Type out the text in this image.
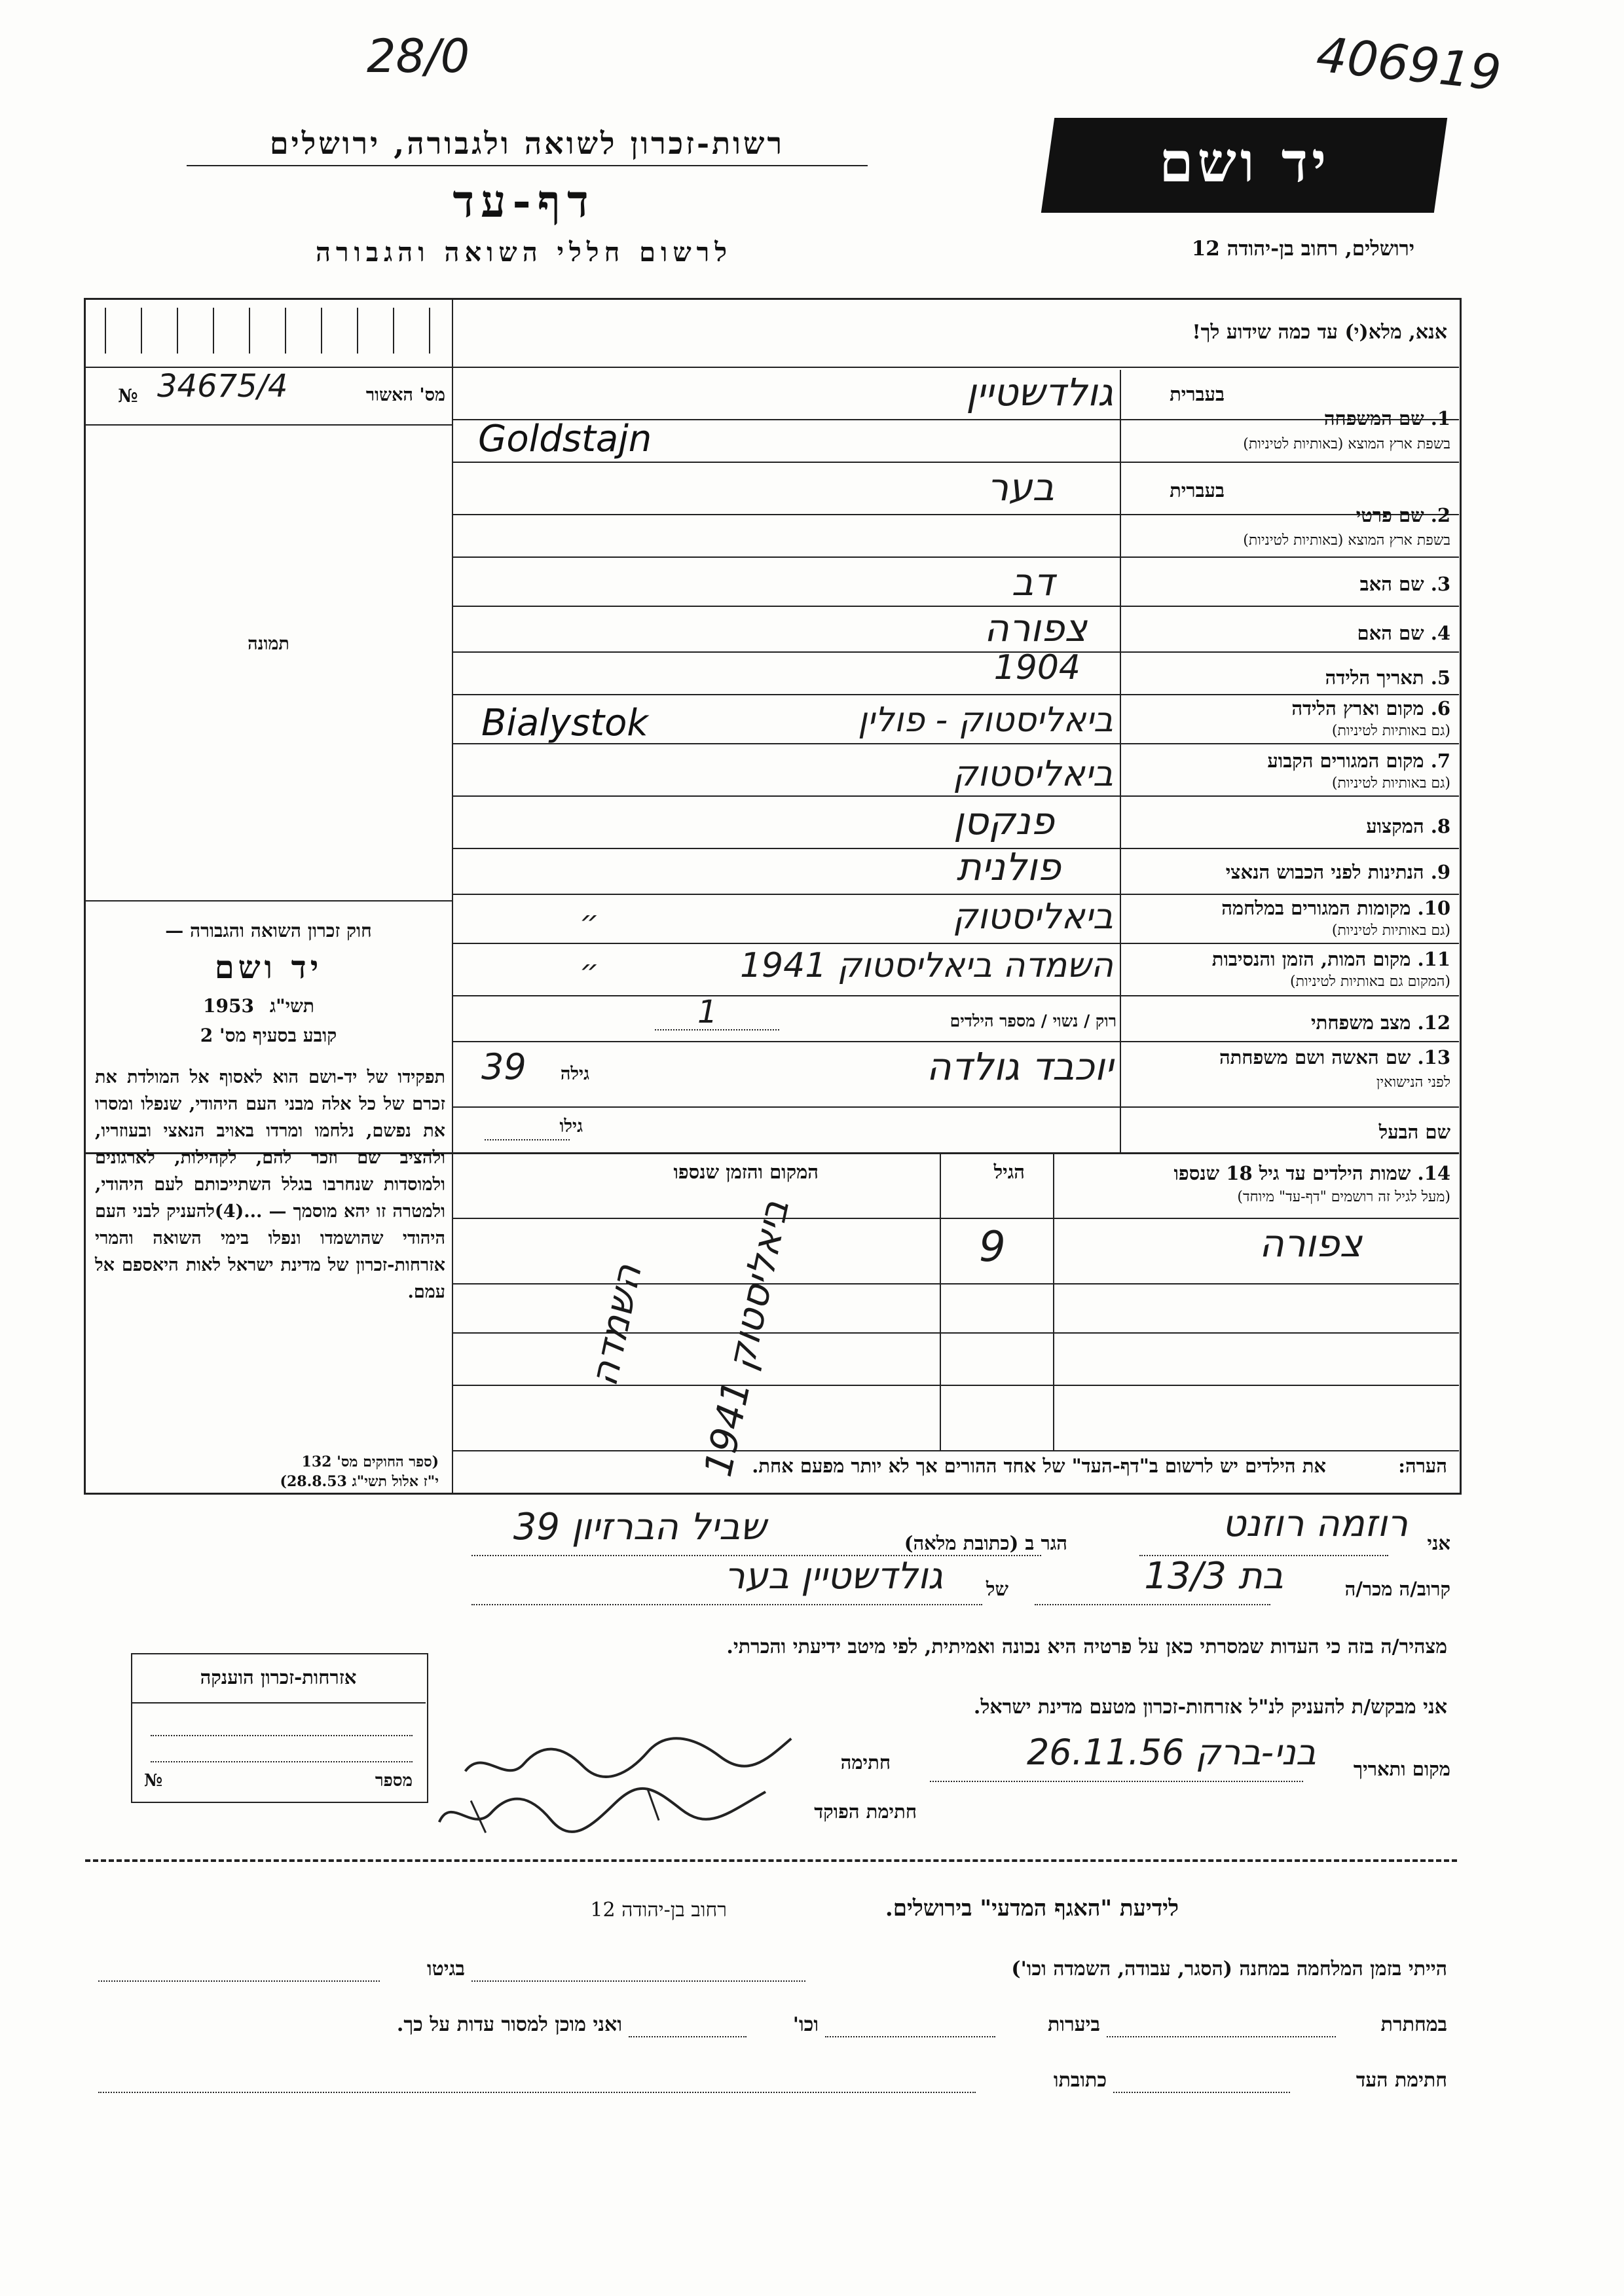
28/0	406919
רשות-זכרון לשואה ולגבורה, ירושלים
דף-עד
לרשום חללי השואה והגבורה
יד ושם
ירושלים, רחוב בן-יהודה 12
№ 34675/4	מס' האשור
תמונה
אנא, מלא(י) עד כמה שידוע לך!
בעברית
1. שם המשפחה
בשפת ארץ המוצא (באותיות לטיניות)
גולדשטיין
Goldstajn
בעברית
2. שם פרטי
בשפת ארץ המוצא (באותיות לטיניות)
בער
3. שם האב
דב
4. שם האם
צפורה
5. תאריך הלידה
1904
6. מקום וארץ הלידה
(גם באותיות לטיניות)
ביאליסטוק - פולין
Bialystok
7. מקום המגורים הקבוע
(גם באותיות לטיניות)
ביאליסטוק
8. המקצוע
פנקסן
9. הנתינות לפני הכבוש הנאצי
פולנית
10. מקומות המגורים במלחמה
(גם באותיות לטיניות)
ביאליסטוק
״
11. מקום המות, הזמן והנסיבות
(המקום גם באותיות לטיניות)
השמדה ביאליסטוק 1941
״
12. מצב משפחתי
רוק / נשוי / מספר הילדים
1
13. שם האשה ושם משפחתה
לפני הנישואין
יוכבד גולדה
גילה
39
שם הבעל
גילו
14. שמות הילדים עד גיל 18 שנספו
(מעל לגיל זה רושמים "דף-עד" מיוחד)
הגיל
המקום והזמן שנספו
צפורה
9
השמדה
ביאליסטוק 1941
חוק זכרון השואה והגבורה —
יד ושם
תשי"ג
1953
קובע בסעיף מס' 2
תפקידו של יד-ושם הוא לאסוף אל המולדת את זכרם של כל אלה מבני העם היהודי, שנפלו ומסרו את נפשם, נלחמו ומרדו באויב הנאצי ובעוזריו, ולהציב שם וזכר להם, לקהילות, לארגונים ולמוסדות שנחרבו בגלל השתייכותם לעם היהודי, ולמטרה זו יהא מוסמך — ...(4)להעניק לבני העם היהודי שהושמדו ונפלו בימי השואה והמרי אזרחות-זכרון של מדינת ישראל לאות היאספם אל עמם.
(ספר החוקים מס' 132
י"ז אלול תשי"ג 28.8.53)
הערה:
את הילדים יש לרשום ב"דף-העד" של אחד ההורים אך לא יותר מפעם אחת.
אני
רוזמה רוזנט
הגר ב (כתובת מלאה)
שביל הברזיון 39
קרוב/ה מכר/ה
בת 13/3
של
גולדשטיין בער
מצהיר/ה בזה כי העדות שמסרתי כאן על פרטיה היא נכונה ואמיתית, לפי מיטב ידיעתי והכרתי.
אני מבקש/ת להעניק לנ"ל אזרחות-זכרון מטעם מדינת ישראל.
מקום ותאריך
בני-ברק 26.11.56
חתימה
חתימת הפוקד
אזרחות-זכרון הוענקה
№	מספר
לידיעת "האגף המדעי" בירושלים.
רחוב בן-יהודה 12
הייתי בזמן המלחמה במחנה (הסגר, עבודה, השמדה וכו')
בגיטו
במחתרת
ביערות
וכו'
ואני מוכן למסור עדות על כך.
חתימת העד
כתובתו
